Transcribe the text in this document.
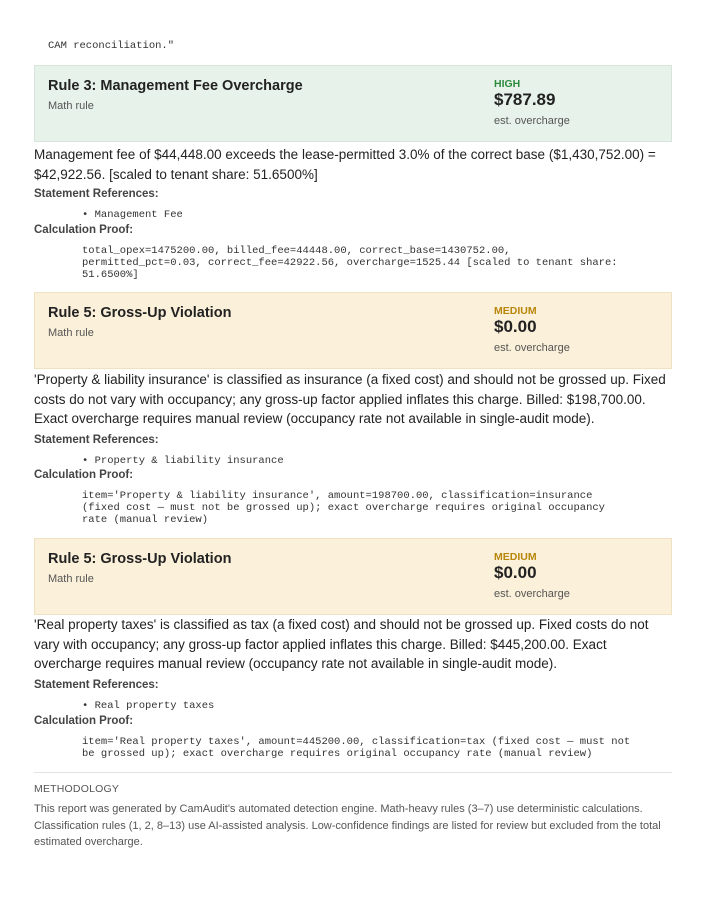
CAM reconciliation."
Rule 3: Management Fee Overcharge
Math rule
HIGH
$787.89
est. overcharge
Management fee of $44,448.00 exceeds the lease-permitted 3.0% of the correct base ($1,430,752.00) = $42,922.56. [scaled to tenant share: 51.6500%]
Statement References:
• Management Fee
Calculation Proof:
total_opex=1475200.00, billed_fee=44448.00, correct_base=1430752.00,
permitted_pct=0.03, correct_fee=42922.56, overcharge=1525.44 [scaled to tenant share:
51.6500%]
Rule 5: Gross-Up Violation
Math rule
MEDIUM
$0.00
est. overcharge
'Property & liability insurance' is classified as insurance (a fixed cost) and should not be grossed up. Fixed costs do not vary with occupancy; any gross-up factor applied inflates this charge. Billed: $198,700.00. Exact overcharge requires manual review (occupancy rate not available in single-audit mode).
Statement References:
• Property & liability insurance
Calculation Proof:
item='Property & liability insurance', amount=198700.00, classification=insurance
(fixed cost — must not be grossed up); exact overcharge requires original occupancy
rate (manual review)
Rule 5: Gross-Up Violation
Math rule
MEDIUM
$0.00
est. overcharge
'Real property taxes' is classified as tax (a fixed cost) and should not be grossed up. Fixed costs do not vary with occupancy; any gross-up factor applied inflates this charge. Billed: $445,200.00. Exact overcharge requires manual review (occupancy rate not available in single-audit mode).
Statement References:
• Real property taxes
Calculation Proof:
item='Real property taxes', amount=445200.00, classification=tax (fixed cost — must not
be grossed up); exact overcharge requires original occupancy rate (manual review)
METHODOLOGY
This report was generated by CamAudit's automated detection engine. Math-heavy rules (3–7) use deterministic calculations. Classification rules (1, 2, 8–13) use AI-assisted analysis. Low-confidence findings are listed for review but excluded from the total estimated overcharge.
